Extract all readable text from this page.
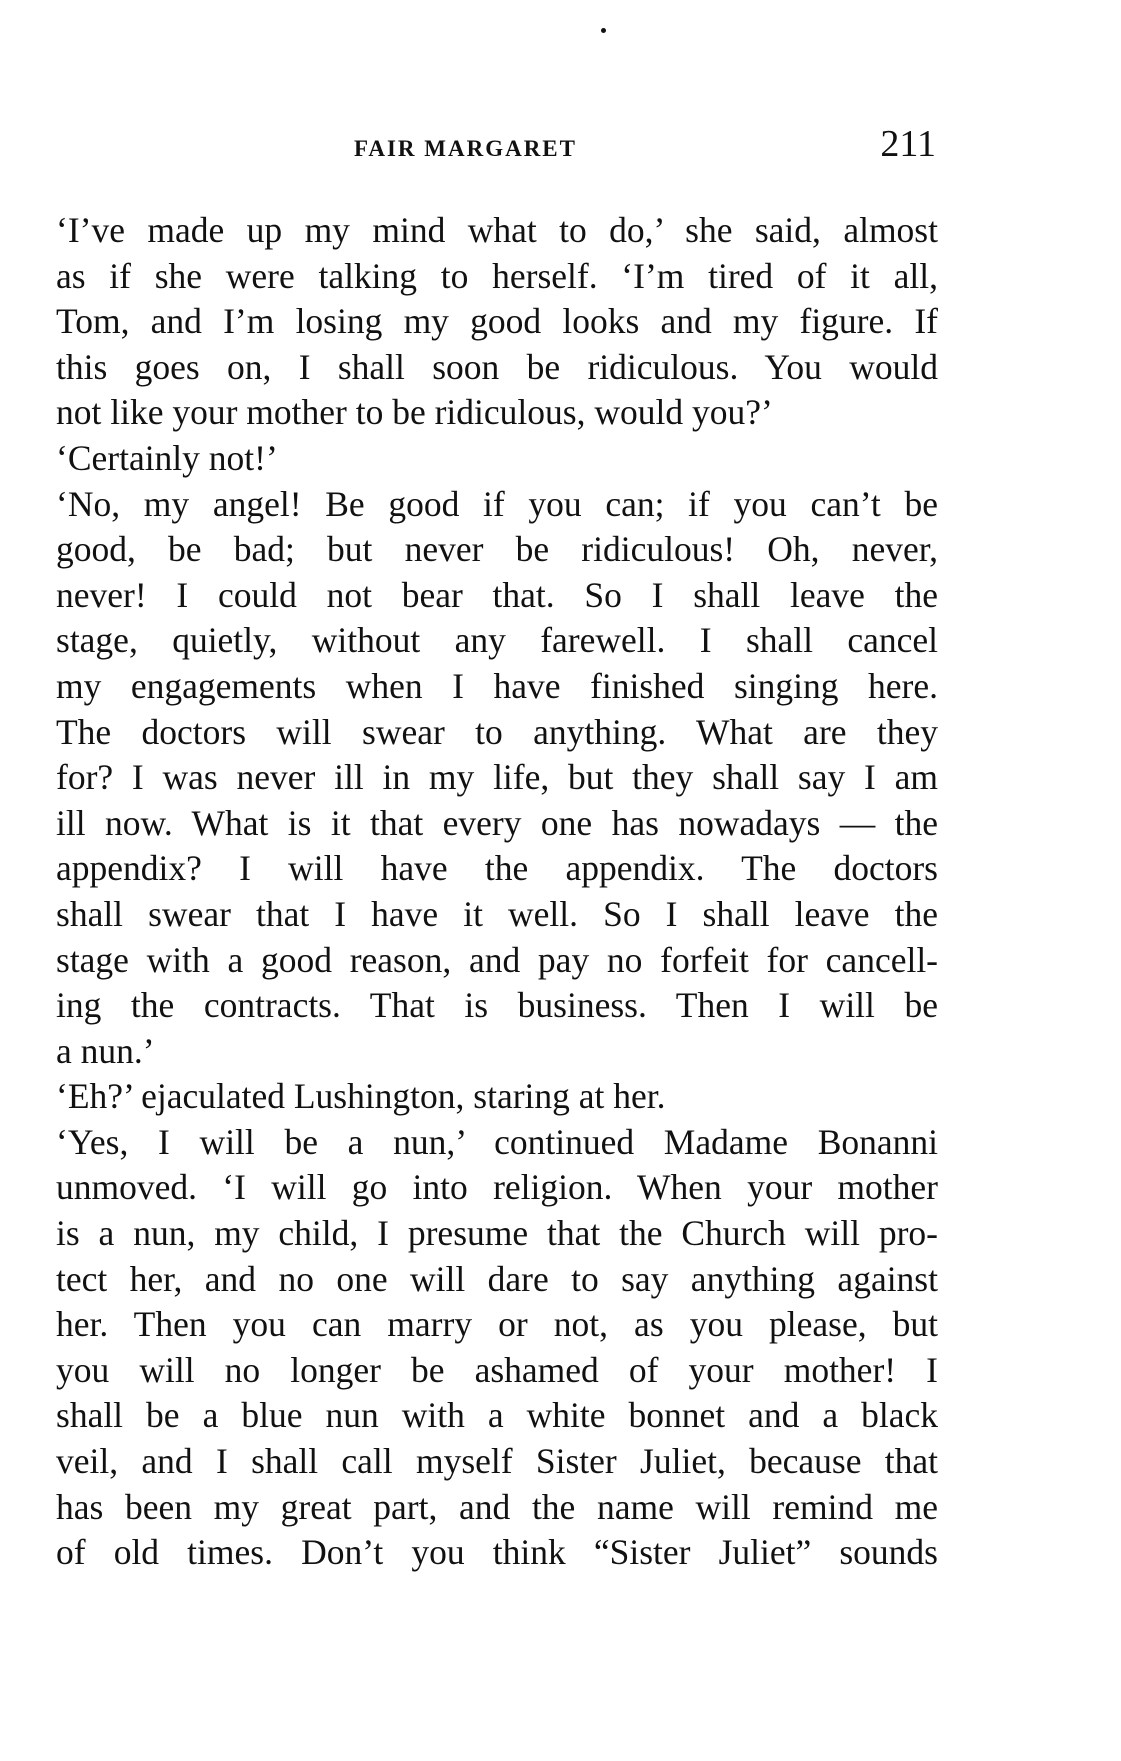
FAIR MARGARET	211
‘I’ve made up my mind what to do,’ she said, almost
as if she were talking to herself. ‘I’m tired of it all,
Tom, and I’m losing my good looks and my figure. If
this goes on, I shall soon be ridiculous. You would
not like your mother to be ridiculous, would you?’
‘Certainly not!’
‘No, my angel! Be good if you can; if you can’t be
good, be bad; but never be ridiculous! Oh, never,
never! I could not bear that. So I shall leave the
stage, quietly, without any farewell. I shall cancel
my engagements when I have finished singing here.
The doctors will swear to anything. What are they
for? I was never ill in my life, but they shall say I am
ill now. What is it that every one has nowadays — the
appendix? I will have the appendix. The doctors
shall swear that I have it well. So I shall leave the
stage with a good reason, and pay no forfeit for cancell-
ing the contracts. That is business. Then I will be
a nun.’
‘Eh?’ ejaculated Lushington, staring at her.
‘Yes, I will be a nun,’ continued Madame Bonanni
unmoved. ‘I will go into religion. When your mother
is a nun, my child, I presume that the Church will pro-
tect her, and no one will dare to say anything against
her. Then you can marry or not, as you please, but
you will no longer be ashamed of your mother! I
shall be a blue nun with a white bonnet and a black
veil, and I shall call myself Sister Juliet, because that
has been my great part, and the name will remind me
of old times. Don’t you think “Sister Juliet” sounds
